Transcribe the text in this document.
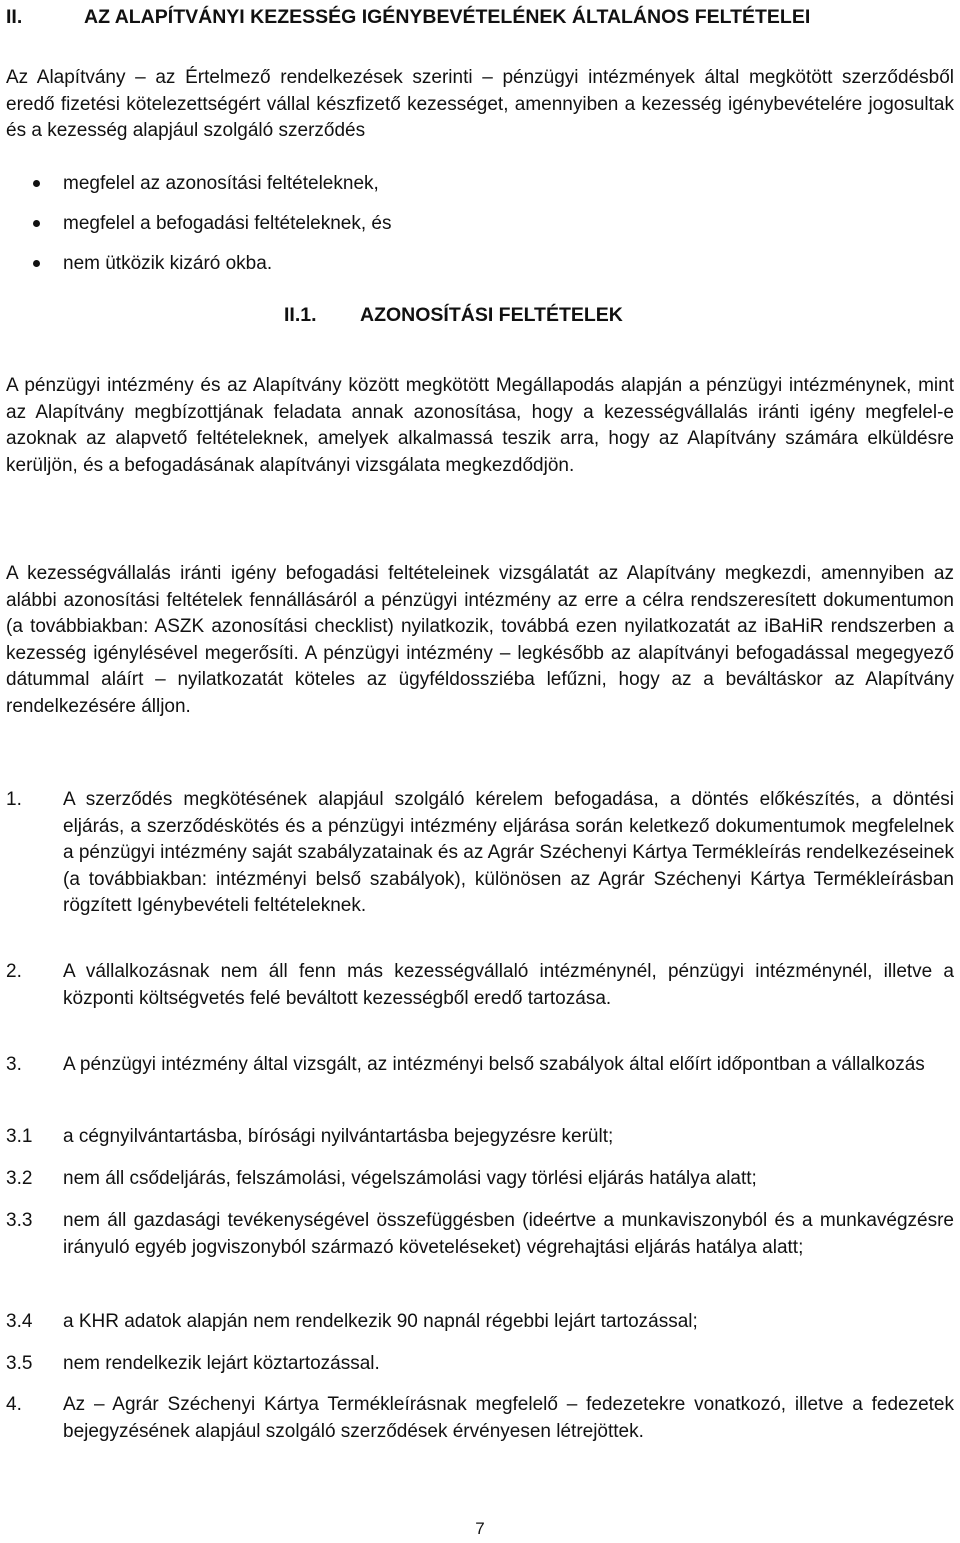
II.	AZ ALAPÍTVÁNYI KEZESSÉG IGÉNYBEVÉTELÉNEK ÁLTALÁNOS FELTÉTELEI
Az Alapítvány – az Értelmező rendelkezések szerinti – pénzügyi intézmények által megkötött szerződésből eredő fizetési kötelezettségért vállal készfizető kezességet, amennyiben a kezesség igénybevételére jogosultak és a kezesség alapjául szolgáló szerződés
megfelel az azonosítási feltételeknek,
megfelel a befogadási feltételeknek, és
nem ütközik kizáró okba.
II.1. AZONOSÍTÁSI FELTÉTELEK
A pénzügyi intézmény és az Alapítvány között megkötött Megállapodás alapján a pénzügyi intézménynek, mint az Alapítvány megbízottjának feladata annak azonosítása, hogy a kezességvállalás iránti igény megfelel-e azoknak az alapvető feltételeknek, amelyek alkalmassá teszik arra, hogy az Alapítvány számára elküldésre kerüljön, és a befogadásának alapítványi vizsgálata megkezdődjön.
A kezességvállalás iránti igény befogadási feltételeinek vizsgálatát az Alapítvány megkezdi, amennyiben az alábbi azonosítási feltételek fennállásáról a pénzügyi intézmény az erre a célra rendszeresített dokumentumon (a továbbiakban: ASZK azonosítási checklist) nyilatkozik, továbbá ezen nyilatkozatát az iBaHiR rendszerben a kezesség igénylésével megerősíti. A pénzügyi intézmény – legkésőbb az alapítványi befogadással megegyező dátummal aláírt – nyilatkozatát köteles az ügyféldossziéba lefűzni, hogy az a beváltáskor az Alapítvány rendelkezésére álljon.
1. A szerződés megkötésének alapjául szolgáló kérelem befogadása, a döntés előkészítés, a döntési eljárás, a szerződéskötés és a pénzügyi intézmény eljárása során keletkező dokumentumok megfelelnek a pénzügyi intézmény saját szabályzatainak és az Agrár Széchenyi Kártya Termékleírás rendelkezéseinek (a továbbiakban: intézményi belső szabályok), különösen az Agrár Széchenyi Kártya Termékleírásban rögzített Igénybevételi feltételeknek.
2. A vállalkozásnak nem áll fenn más kezességvállaló intézménynél, pénzügyi intézménynél, illetve a központi költségvetés felé beváltott kezességből eredő tartozása.
3. A pénzügyi intézmény által vizsgált, az intézményi belső szabályok által előírt időpontban a vállalkozás
3.1 a cégnyilvántartásba, bírósági nyilvántartásba bejegyzésre került;
3.2 nem áll csődeljárás, felszámolási, végelszámolási vagy törlési eljárás hatálya alatt;
3.3 nem áll gazdasági tevékenységével összefüggésben (ideértve a munkaviszonyból és a munkavégzésre irányuló egyéb jogviszonyból származó követeléseket) végrehajtási eljárás hatálya alatt;
3.4 a KHR adatok alapján nem rendelkezik 90 napnál régebbi lejárt tartozással;
3.5 nem rendelkezik lejárt köztartozással.
4. Az – Agrár Széchenyi Kártya Termékleírásnak megfelelő – fedezetekre vonatkozó, illetve a fedezetek bejegyzésének alapjául szolgáló szerződések érvényesen létrejöttek.
7
